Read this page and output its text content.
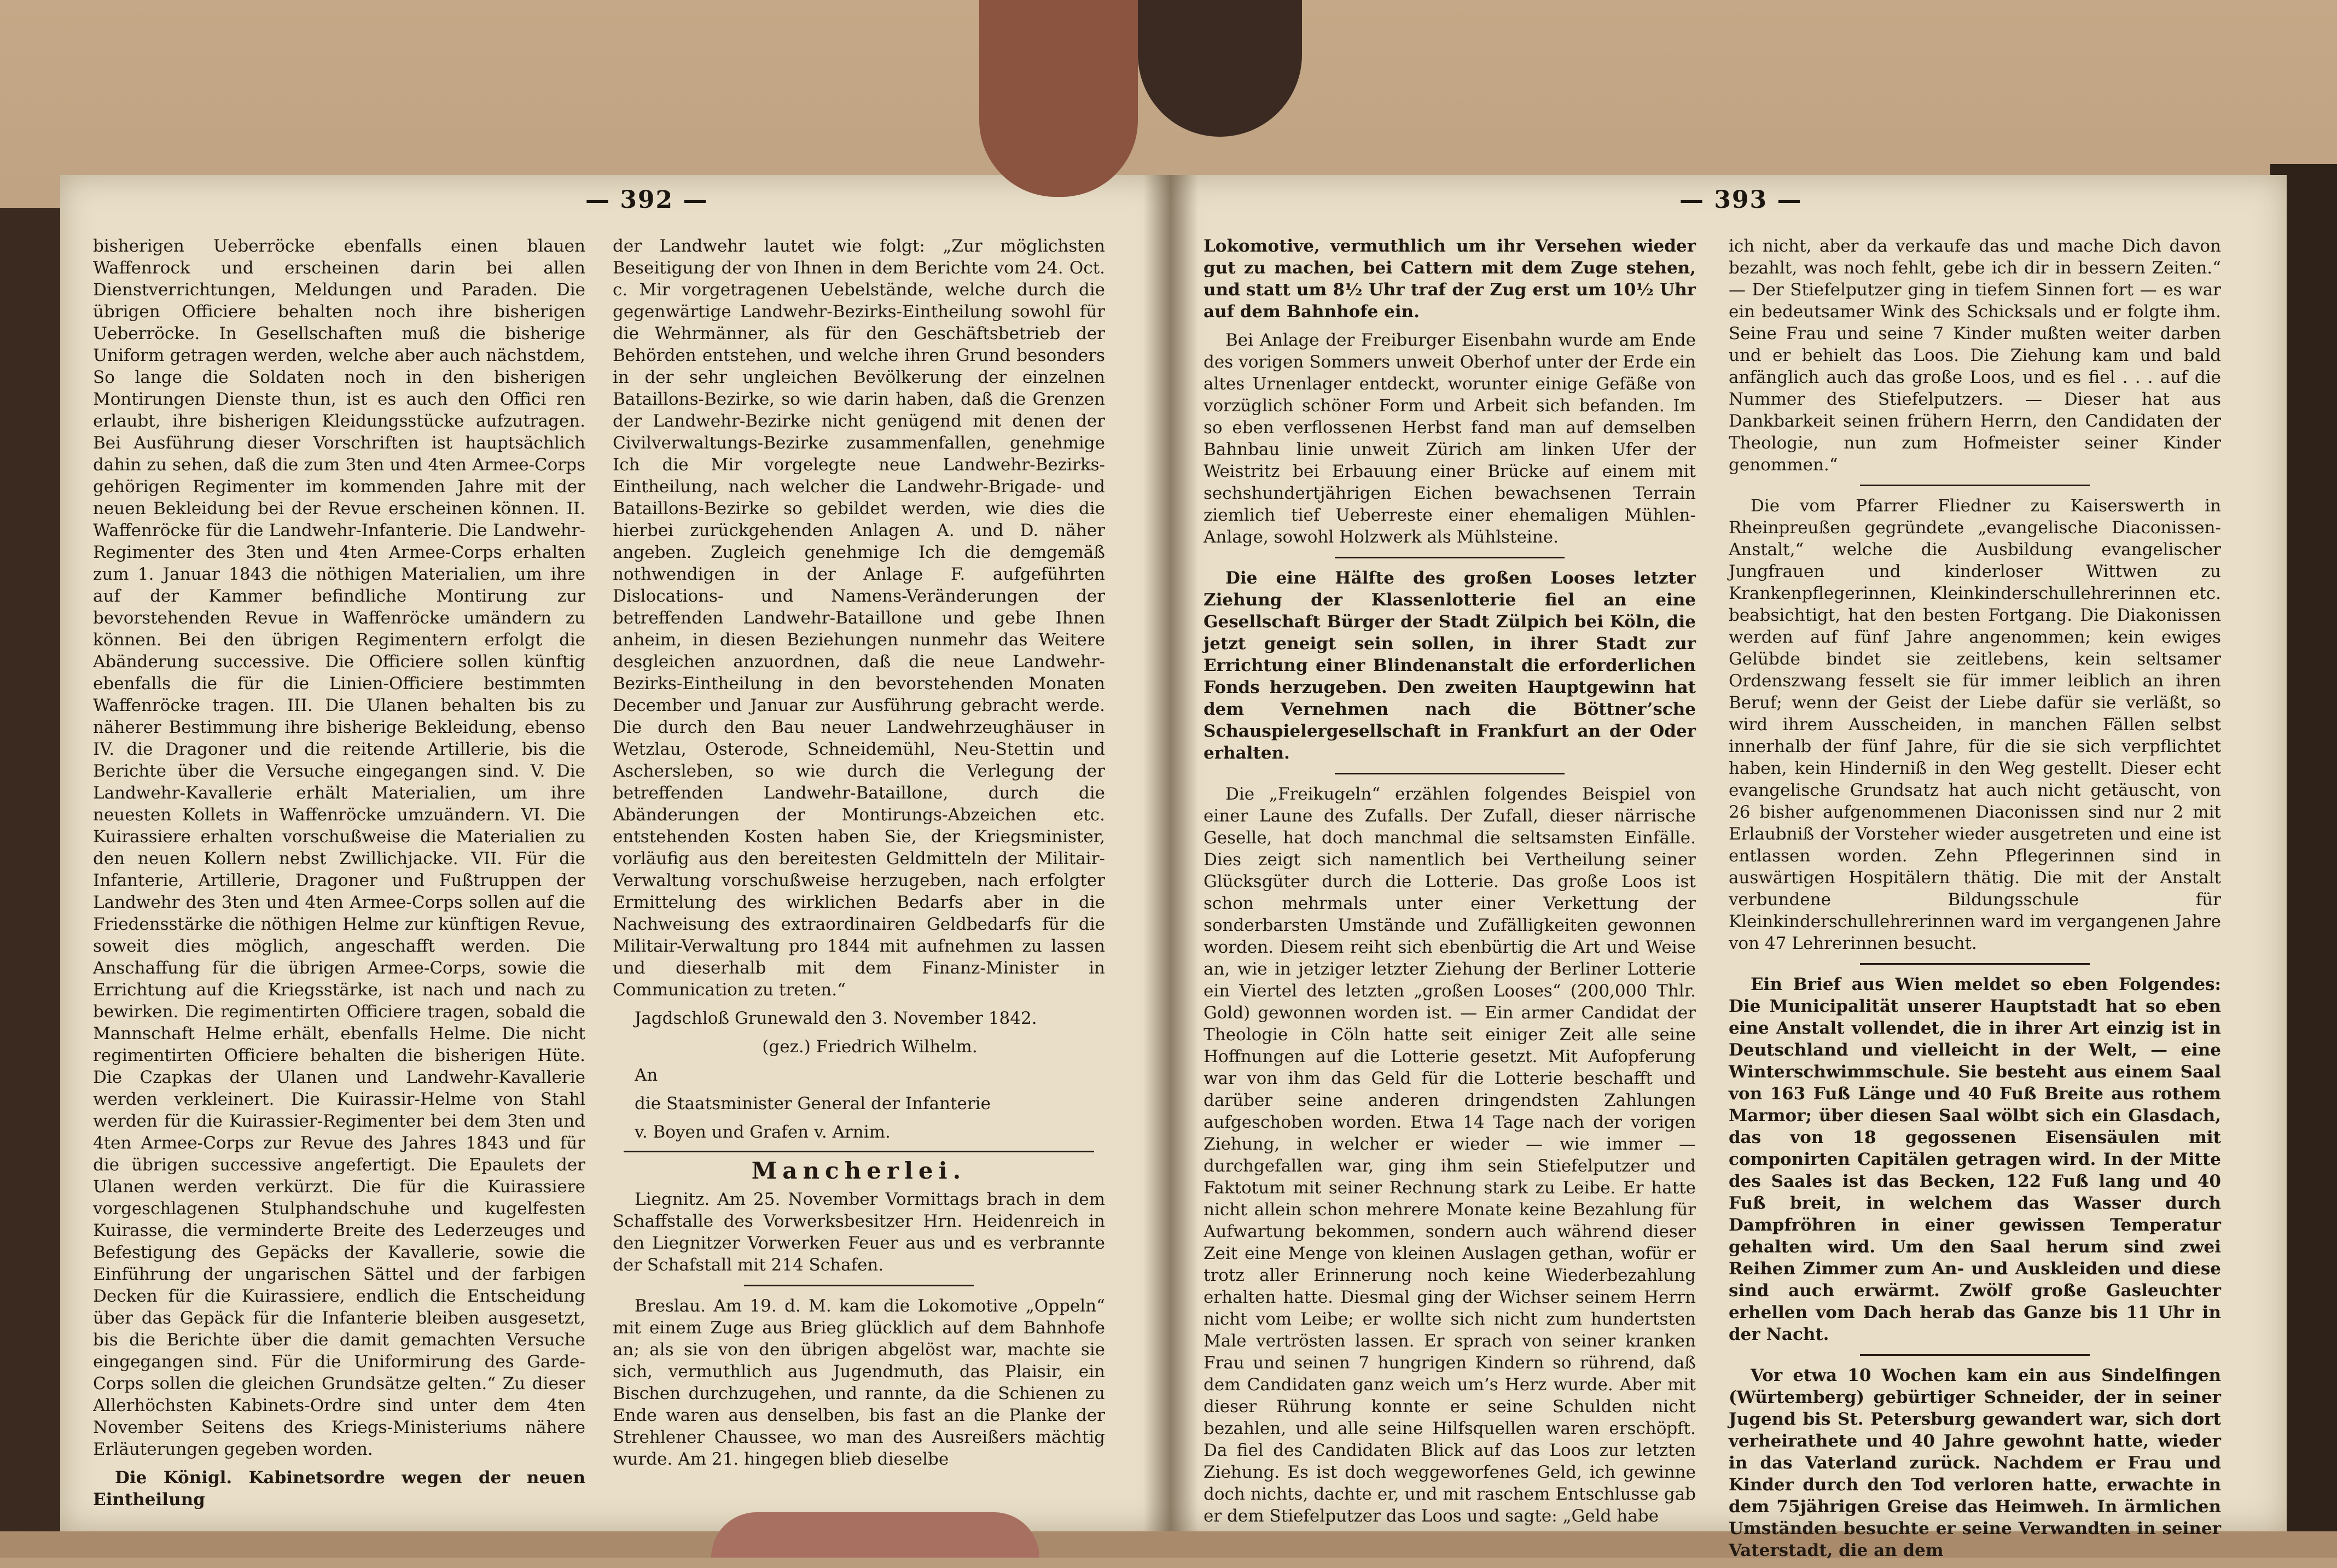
— 392 —

bisherigen Ueberröcke ebenfalls einen blauen Waffenrock und erscheinen darin bei allen Dienstverrichtungen, Meldungen und Paraden. Die übrigen Officiere behalten noch ihre bisherigen Ueberröcke. In Gesellschaften muß die bisherige Uniform getragen werden, welche aber auch nächstdem, So lange die Soldaten noch in den bisherigen Montirungen Dienste thun, ist es auch den Offici ren erlaubt, ihre bisherigen Kleidungsstücke aufzutragen. Bei Ausführung dieser Vorschriften ist hauptsächlich dahin zu sehen, daß die zum 3ten und 4ten Armee-Corps gehörigen Regimenter im kommenden Jahre mit der neuen Bekleidung bei der Revue erscheinen können. II. Waffenröcke für die Landwehr-Infanterie. Die Landwehr-Regimenter des 3ten und 4ten Armee-Corps erhalten zum 1. Januar 1843 die nöthigen Materialien, um ihre auf der Kammer befindliche Montirung zur bevorstehenden Revue in Waffenröcke umändern zu können. Bei den übrigen Regimentern erfolgt die Abänderung successive. Die Officiere sollen künftig ebenfalls die für die Linien-Officiere bestimmten Waffenröcke tragen. III. Die Ulanen behalten bis zu näherer Bestimmung ihre bisherige Bekleidung, ebenso IV. die Dragoner und die reitende Artillerie, bis die Berichte über die Versuche eingegangen sind. V. Die Landwehr-Kavallerie erhält Materialien, um ihre neuesten Kollets in Waffenröcke umzuändern. VI. Die Kuirassiere erhalten vorschußweise die Materialien zu den neuen Kollern nebst Zwillichjacke. VII. Für die Infanterie, Artillerie, Dragoner und Fußtruppen der Landwehr des 3ten und 4ten Armee-Corps sollen auf die Friedensstärke die nöthigen Helme zur künftigen Revue, soweit dies möglich, angeschafft werden. Die Anschaffung für die übrigen Armee-Corps, sowie die Errichtung auf die Kriegsstärke, ist nach und nach zu bewirken. Die regimentirten Officiere tragen, sobald die Mannschaft Helme erhält, ebenfalls Helme. Die nicht regimentirten Officiere behalten die bisherigen Hüte. Die Czapkas der Ulanen und Landwehr-Kavallerie werden verkleinert. Die Kuirassir-Helme von Stahl werden für die Kuirassier-Regimenter bei dem 3ten und 4ten Armee-Corps zur Revue des Jahres 1843 und für die übrigen successive angefertigt. Die Epaulets der Ulanen werden verkürzt. Die für die Kuirassiere vorgeschlagenen Stulphandschuhe und kugelfesten Kuirasse, die verminderte Breite des Lederzeuges und Befestigung des Gepäcks der Kavallerie, sowie die Einführung der ungarischen Sättel und der farbigen Decken für die Kuirassiere, endlich die Entscheidung über das Gepäck für die Infanterie bleiben ausgesetzt, bis die Berichte über die damit gemachten Versuche eingegangen sind. Für die Uniformirung des Garde-Corps sollen die gleichen Grundsätze gelten.“ Zu dieser Allerhöchsten Kabinets-Ordre sind unter dem 4ten November Seitens des Kriegs-Ministeriums nähere Erläuterungen gegeben worden.

Die Königl. Kabinetsordre wegen der neuen Eintheilung

der Landwehr lautet wie folgt: „Zur möglichsten Beseitigung der von Ihnen in dem Berichte vom 24. Oct. c. Mir vorgetragenen Uebelstände, welche durch die gegenwärtige Landwehr-Bezirks-Eintheilung sowohl für die Wehrmänner, als für den Geschäftsbetrieb der Behörden entstehen, und welche ihren Grund besonders in der sehr ungleichen Bevölkerung der einzelnen Bataillons-Bezirke, so wie darin haben, daß die Grenzen der Landwehr-Bezirke nicht genügend mit denen der Civilverwaltungs-Bezirke zusammenfallen, genehmige Ich die Mir vorgelegte neue Landwehr-Bezirks-Eintheilung, nach welcher die Landwehr-Brigade- und Bataillons-Bezirke so gebildet werden, wie dies die hierbei zurückgehenden Anlagen A. und D. näher angeben. Zugleich genehmige Ich die demgemäß nothwendigen in der Anlage F. aufgeführten Dislocations- und Namens-Veränderungen der betreffenden Landwehr-Bataillone und gebe Ihnen anheim, in diesen Beziehungen nunmehr das Weitere desgleichen anzuordnen, daß die neue Landwehr-Bezirks-Eintheilung in den bevorstehenden Monaten December und Januar zur Ausführung gebracht werde. Die durch den Bau neuer Landwehrzeughäuser in Wetzlau, Osterode, Schneidemühl, Neu-Stettin und Aschersleben, so wie durch die Verlegung der betreffenden Landwehr-Bataillone, durch die Abänderungen der Montirungs-Abzeichen etc. entstehenden Kosten haben Sie, der Kriegsminister, vorläufig aus den bereitesten Geldmitteln der Militair-Verwaltung vorschußweise herzugeben, nach erfolgter Ermittelung des wirklichen Bedarfs aber in die Nachweisung des extraordinairen Geldbedarfs für die Militair-Verwaltung pro 1844 mit aufnehmen zu lassen und dieserhalb mit dem Finanz-Minister in Communication zu treten.“

Jagdschloß Grunewald den 3. November 1842.

(gez.) Friedrich Wilhelm.

An

die Staatsminister General der Infanterie

v. Boyen und Grafen v. Arnim.

Mancherlei.

Liegnitz. Am 25. November Vormittags brach in dem Schaffstalle des Vorwerksbesitzer Hrn. Heidenreich in den Liegnitzer Vorwerken Feuer aus und es verbrannte der Schafstall mit 214 Schafen.

Breslau. Am 19. d. M. kam die Lokomotive „Oppeln“ mit einem Zuge aus Brieg glücklich auf dem Bahnhofe an; als sie von den übrigen abgelöst war, machte sie sich, vermuthlich aus Jugendmuth, das Plaisir, ein Bischen durchzugehen, und rannte, da die Schienen zu Ende waren aus denselben, bis fast an die Planke der Strehlener Chaussee, wo man des Ausreißers mächtig wurde. Am 21. hingegen blieb dieselbe

— 393 —

Lokomotive, vermuthlich um ihr Versehen wieder gut zu machen, bei Cattern mit dem Zuge stehen, und statt um 8½ Uhr traf der Zug erst um 10½ Uhr auf dem Bahnhofe ein.

Bei Anlage der Freiburger Eisenbahn wurde am Ende des vorigen Sommers unweit Oberhof unter der Erde ein altes Urnenlager entdeckt, worunter einige Gefäße von vorzüglich schöner Form und Arbeit sich befanden. Im so eben verflossenen Herbst fand man auf demselben Bahnbau linie unweit Zürich am linken Ufer der Weistritz bei Erbauung einer Brücke auf einem mit sechshundertjährigen Eichen bewachsenen Terrain ziemlich tief Ueberreste einer ehemaligen Mühlen-Anlage, sowohl Holzwerk als Mühlsteine.

Die eine Hälfte des großen Looses letzter Ziehung der Klassenlotterie fiel an eine Gesellschaft Bürger der Stadt Zülpich bei Köln, die jetzt geneigt sein sollen, in ihrer Stadt zur Errichtung einer Blindenanstalt die erforderlichen Fonds herzugeben. Den zweiten Hauptgewinn hat dem Vernehmen nach die Böttner’sche Schauspielergesellschaft in Frankfurt an der Oder erhalten.

Die „Freikugeln“ erzählen folgendes Beispiel von einer Laune des Zufalls. Der Zufall, dieser närrische Geselle, hat doch manchmal die seltsamsten Einfälle. Dies zeigt sich namentlich bei Vertheilung seiner Glücksgüter durch die Lotterie. Das große Loos ist schon mehrmals unter einer Verkettung der sonderbarsten Umstände und Zufälligkeiten gewonnen worden. Diesem reiht sich ebenbürtig die Art und Weise an, wie in jetziger letzter Ziehung der Berliner Lotterie ein Viertel des letzten „großen Looses“ (200,000 Thlr. Gold) gewonnen worden ist. — Ein armer Candidat der Theologie in Cöln hatte seit einiger Zeit alle seine Hoffnungen auf die Lotterie gesetzt. Mit Aufopferung war von ihm das Geld für die Lotterie beschafft und darüber seine anderen dringendsten Zahlungen aufgeschoben worden. Etwa 14 Tage nach der vorigen Ziehung, in welcher er wieder — wie immer — durchgefallen war, ging ihm sein Stiefelputzer und Faktotum mit seiner Rechnung stark zu Leibe. Er hatte nicht allein schon mehrere Monate keine Bezahlung für Aufwartung bekommen, sondern auch während dieser Zeit eine Menge von kleinen Auslagen gethan, wofür er trotz aller Erinnerung noch keine Wiederbezahlung erhalten hatte. Diesmal ging der Wichser seinem Herrn nicht vom Leibe; er wollte sich nicht zum hundertsten Male vertrösten lassen. Er sprach von seiner kranken Frau und seinen 7 hungrigen Kindern so rührend, daß dem Candidaten ganz weich um’s Herz wurde. Aber mit dieser Rührung konnte er seine Schulden nicht bezahlen, und alle seine Hilfsquellen waren erschöpft. Da fiel des Candidaten Blick auf das Loos zur letzten Ziehung. Es ist doch weggeworfenes Geld, ich gewinne doch nichts, dachte er, und mit raschem Entschlusse gab er dem Stiefelputzer das Loos und sagte: „Geld habe

ich nicht, aber da verkaufe das und mache Dich davon bezahlt, was noch fehlt, gebe ich dir in bessern Zeiten.“ — Der Stiefelputzer ging in tiefem Sinnen fort — es war ein bedeutsamer Wink des Schicksals und er folgte ihm. Seine Frau und seine 7 Kinder mußten weiter darben und er behielt das Loos. Die Ziehung kam und bald anfänglich auch das große Loos, und es fiel . . . auf die Nummer des Stiefelputzers. — Dieser hat aus Dankbarkeit seinen frühern Herrn, den Candidaten der Theologie, nun zum Hofmeister seiner Kinder genommen.“

Die vom Pfarrer Fliedner zu Kaiserswerth in Rheinpreußen gegründete „evangelische Diaconissen-Anstalt,“ welche die Ausbildung evangelischer Jungfrauen und kinderloser Wittwen zu Krankenpflegerinnen, Kleinkinderschullehrerinnen etc. beabsichtigt, hat den besten Fortgang. Die Diakonissen werden auf fünf Jahre angenommen; kein ewiges Gelübde bindet sie zeitlebens, kein seltsamer Ordenszwang fesselt sie für immer leiblich an ihren Beruf; wenn der Geist der Liebe dafür sie verläßt, so wird ihrem Ausscheiden, in manchen Fällen selbst innerhalb der fünf Jahre, für die sie sich verpflichtet haben, kein Hinderniß in den Weg gestellt. Dieser echt evangelische Grundsatz hat auch nicht getäuscht, von 26 bisher aufgenommenen Diaconissen sind nur 2 mit Erlaubniß der Vorsteher wieder ausgetreten und eine ist entlassen worden. Zehn Pflegerinnen sind in auswärtigen Hospitälern thätig. Die mit der Anstalt verbundene Bildungsschule für Kleinkinderschullehrerinnen ward im vergangenen Jahre von 47 Lehrerinnen besucht.

Ein Brief aus Wien meldet so eben Folgendes: Die Municipalität unserer Hauptstadt hat so eben eine Anstalt vollendet, die in ihrer Art einzig ist in Deutschland und vielleicht in der Welt, — eine Winterschwimmschule. Sie besteht aus einem Saal von 163 Fuß Länge und 40 Fuß Breite aus rothem Marmor; über diesen Saal wölbt sich ein Glasdach, das von 18 gegossenen Eisensäulen mit componirten Capitälen getragen wird. In der Mitte des Saales ist das Becken, 122 Fuß lang und 40 Fuß breit, in welchem das Wasser durch Dampfröhren in einer gewissen Temperatur gehalten wird. Um den Saal herum sind zwei Reihen Zimmer zum An- und Auskleiden und diese sind auch erwärmt. Zwölf große Gasleuchter erhellen vom Dach herab das Ganze bis 11 Uhr in der Nacht.

Vor etwa 10 Wochen kam ein aus Sindelfingen (Würtemberg) gebürtiger Schneider, der in seiner Jugend bis St. Petersburg gewandert war, sich dort verheirathete und 40 Jahre gewohnt hatte, wieder in das Vaterland zurück. Nachdem er Frau und Kinder durch den Tod verloren hatte, erwachte in dem 75jährigen Greise das Heimweh. In ärmlichen Umständen besuchte er seine Verwandten in seiner Vaterstadt, die an dem
